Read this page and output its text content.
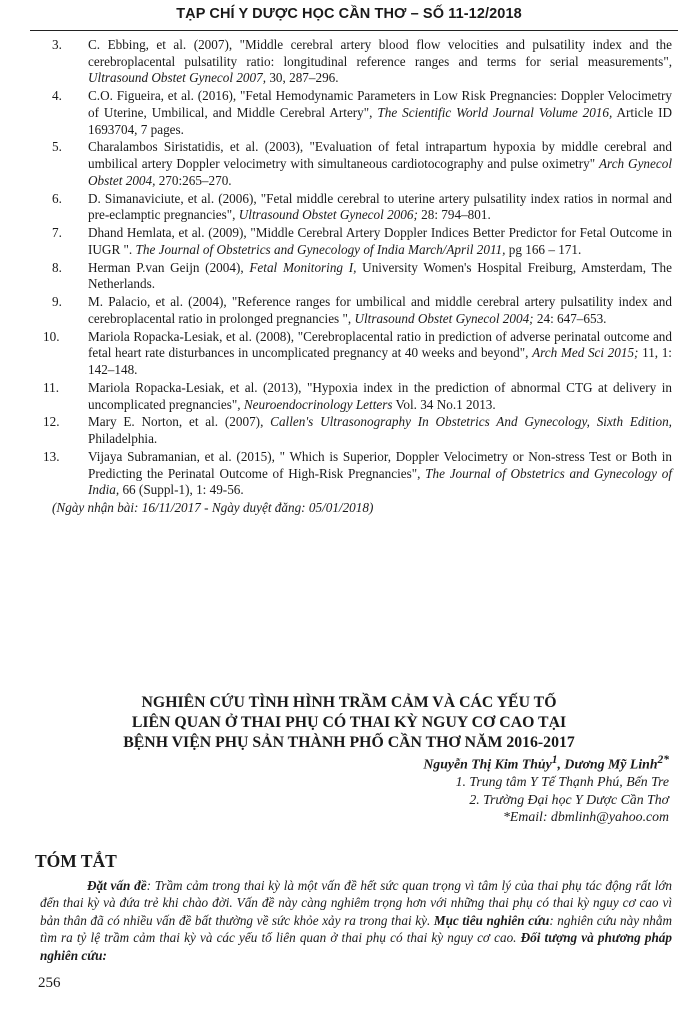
TẠP CHÍ Y DƯỢC HỌC CẦN THƠ – SỐ 11-12/2018
3.	C. Ebbing, et al. (2007), "Middle cerebral artery blood flow velocities and pulsatility index and the cerebroplacental pulsatility ratio: longitudinal reference ranges and terms for serial measurements", Ultrasound Obstet Gynecol 2007, 30, 287–296.
4.	C.O. Figueira, et al. (2016), "Fetal Hemodynamic Parameters in Low Risk Pregnancies: Doppler Velocimetry of Uterine, Umbilical, and Middle Cerebral Artery", The Scientific World Journal Volume 2016, Article ID 1693704, 7 pages.
5.	Charalambos Siristatidis, et al. (2003), "Evaluation of fetal intrapartum hypoxia by middle cerebral and umbilical artery Doppler velocimetry with simultaneous cardiotocography and pulse oximetry" Arch Gynecol Obstet 2004, 270:265–270.
6.	D. Simanaviciute, et al. (2006), "Fetal middle cerebral to uterine artery pulsatility index ratios in normal and pre-eclamptic pregnancies", Ultrasound Obstet Gynecol 2006; 28: 794–801.
7.	Dhand Hemlata, et al. (2009), "Middle Cerebral Artery Doppler Indices Better Predictor for Fetal Outcome in IUGR ". The Journal of Obstetrics and Gynecology of India March/April 2011, pg 166 – 171.
8.	Herman P.van Geijn (2004), Fetal Monitoring I, University Women's Hospital Freiburg, Amsterdam, The Netherlands.
9.	M. Palacio, et al. (2004), "Reference ranges for umbilical and middle cerebral artery pulsatility index and cerebroplacental ratio in prolonged pregnancies ", Ultrasound Obstet Gynecol 2004; 24: 647–653.
10.	Mariola Ropacka-Lesiak, et al. (2008), "Cerebroplacental ratio in prediction of adverse perinatal outcome and fetal heart rate disturbances in uncomplicated pregnancy at 40 weeks and beyond", Arch Med Sci 2015; 11, 1: 142–148.
11.	Mariola Ropacka-Lesiak, et al. (2013), "Hypoxia index in the prediction of abnormal CTG at delivery in uncomplicated pregnancies", Neuroendocrinology Letters Vol. 34 No.1 2013.
12.	Mary E. Norton, et al. (2007), Callen's Ultrasonography In Obstetrics And Gynecology, Sixth Edition, Philadelphia.
13.	Vijaya Subramanian, et al. (2015), " Which is Superior, Doppler Velocimetry or Non-stress Test or Both in Predicting the Perinatal Outcome of High-Risk Pregnancies", The Journal of Obstetrics and Gynecology of India, 66 (Suppl-1), 1: 49-56.
(Ngày nhận bài: 16/11/2017 - Ngày duyệt đăng: 05/01/2018)
NGHIÊN CỨU TÌNH HÌNH TRẦM CẢM VÀ CÁC YẾU TỐ
LIÊN QUAN Ở THAI PHỤ CÓ THAI KỲ NGUY CƠ CAO TẠI
BỆNH VIỆN PHỤ SẢN THÀNH PHỐ CẦN THƠ NĂM 2016-2017
Nguyễn Thị Kim Thủy$^1$, Dương Mỹ Linh$^{2*}$
1. Trung tâm Y Tế Thạnh Phú, Bến Tre
2. Trường Đại học Y Dược Cần Thơ
*Email: dbmlinh@yahoo.com
TÓM TẮT

Đặt vấn đề: Trầm cảm trong thai kỳ là một vấn đề hết sức quan trọng vì tâm lý của thai phụ tác động rất lớn đến thai kỳ và đứa trẻ khi chào đời. Vấn đề này càng nghiêm trọng hơn với những thai phụ có thai kỳ nguy cơ cao vì bản thân đã có nhiều vấn đề bất thường về sức khỏe xảy ra trong thai kỳ. Mục tiêu nghiên cứu: nghiên cứu này nhằm tìm ra tỷ lệ trầm cảm thai kỳ và các yếu tố liên quan ở thai phụ có thai kỳ nguy cơ cao. Đối tượng và phương pháp nghiên cứu:

256
